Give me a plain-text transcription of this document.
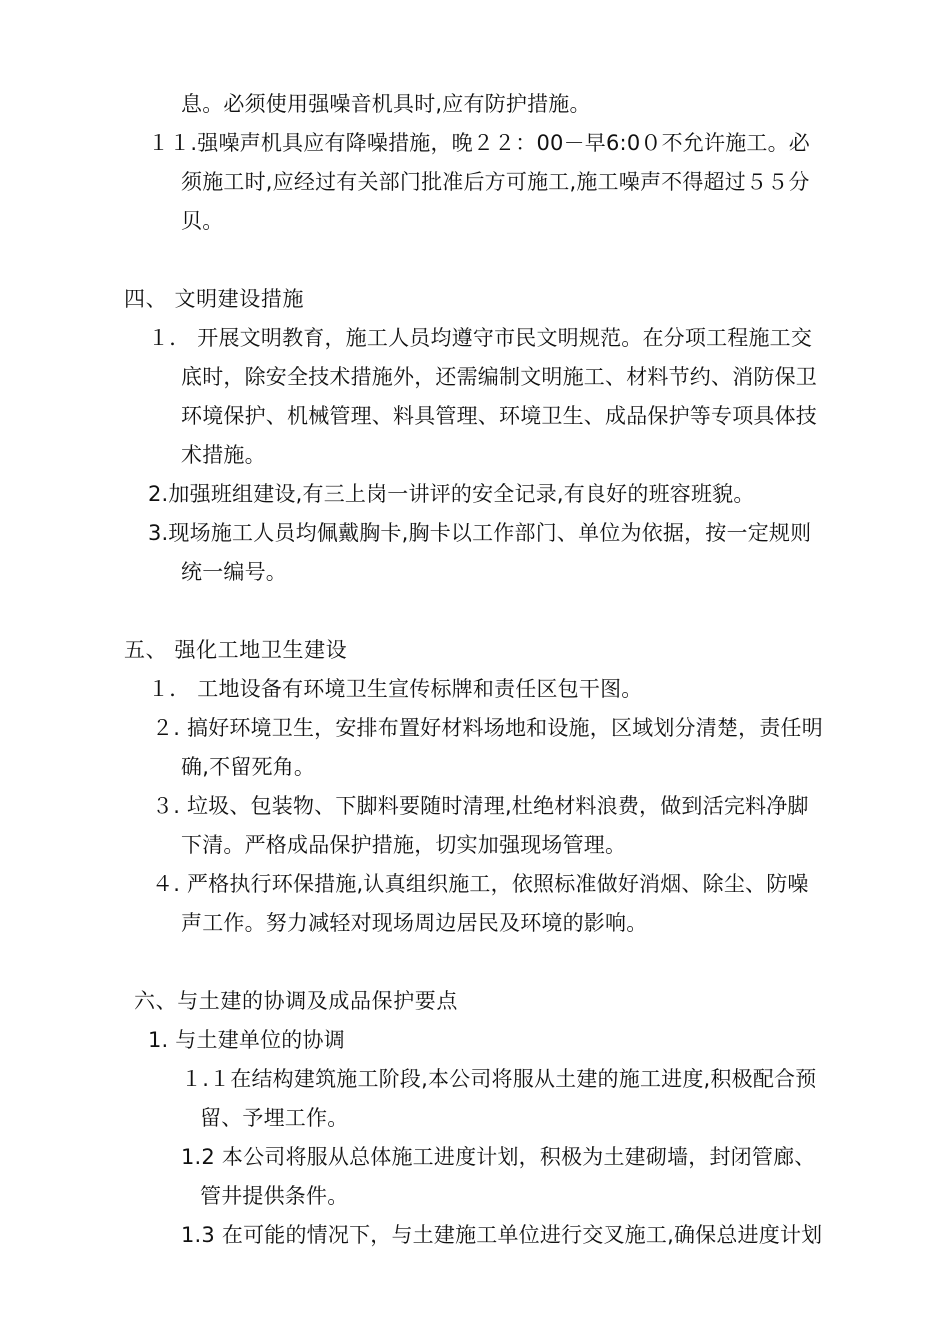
息。必须使用强噪音机具时,应有防护措施。
１１.强噪声机具应有降噪措施，晚２２：00－早6:0０不允许施工。必
须施工时,应经过有关部门批准后方可施工,施工噪声不得超过５５分
贝。
四、 文明建设措施
１． 开展文明教育，施工人员均遵守市民文明规范。在分项工程施工交
底时，除安全技术措施外，还需编制文明施工、材料节约、消防保卫
环境保护、机械管理、料具管理、环境卫生、成品保护等专项具体技
术措施。
2.加强班组建设,有三上岗一讲评的安全记录,有良好的班容班貌。
3.现场施工人员均佩戴胸卡,胸卡以工作部门、单位为依据，按一定规则
统一编号。
五、 强化工地卫生建设
１． 工地设备有环境卫生宣传标牌和责任区包干图。
２. 搞好环境卫生，安排布置好材料场地和设施，区域划分清楚，责任明
确,不留死角。
３. 垃圾、包装物、下脚料要随时清理,杜绝材料浪费，做到活完料净脚
下清。严格成品保护措施，切实加强现场管理。
４. 严格执行环保措施,认真组织施工，依照标准做好消烟、除尘、防噪
声工作。努力减轻对现场周边居民及环境的影响。
六、与土建的协调及成品保护要点
1. 与土建单位的协调
１.１在结构建筑施工阶段,本公司将服从土建的施工进度,积极配合预
留、予埋工作。
1.2 本公司将服从总体施工进度计划，积极为土建砌墙，封闭管廊、
管井提供条件。
1.3 在可能的情况下，与土建施工单位进行交叉施工,确保总进度计划
